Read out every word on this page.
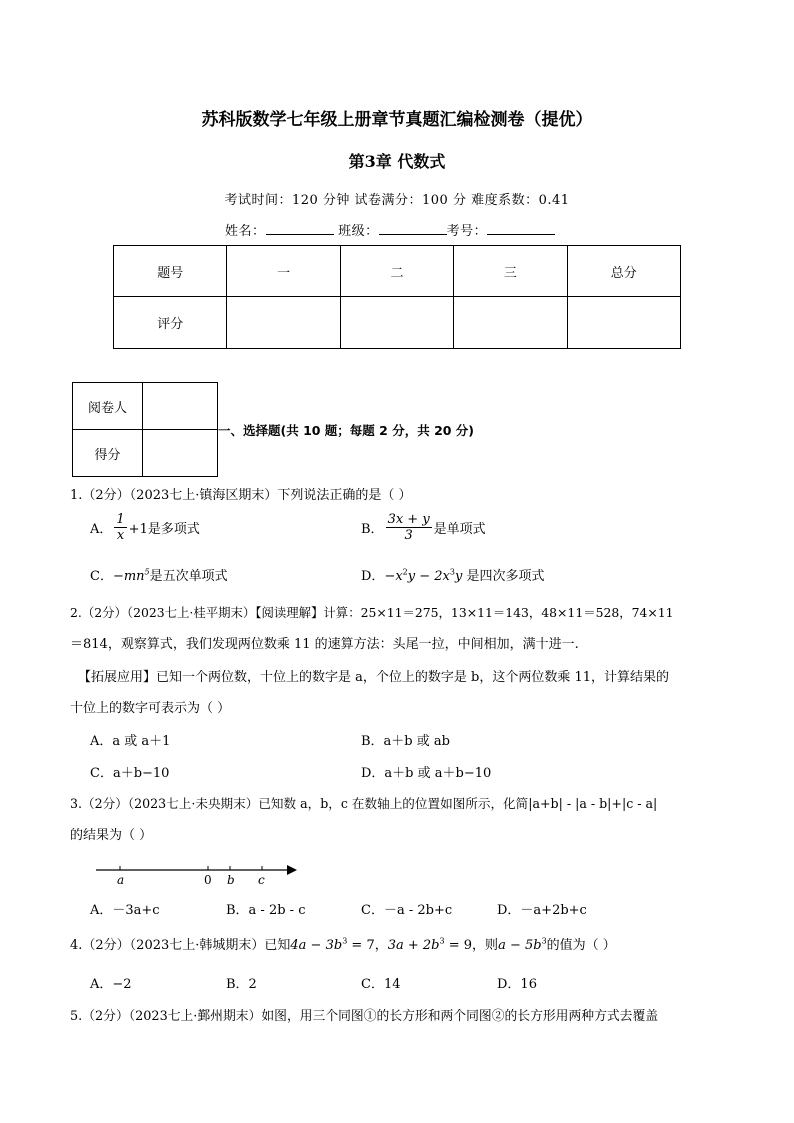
苏科版数学七年级上册章节真题汇编检测卷（提优）
第3章 代数式
考试时间：120 分钟 试卷满分：100 分 难度系数：0.41
姓名：	班级：	考号：
题号	一	二	三	总分
评分				
阅卷人	
得分	
一、选择题(共 10 题；每题 2 分，共 20 分)
1.（2分）（2023七上·镇海区期末）下列说法正确的是（ ）
A． $\frac{1}{x} +1$是多项式	B． $\frac{3x + y}{3}$ 是单项式
C．$-mn^5$是五次单项式	D．$-x^2y - 2x^3y$ 是四次多项式
2.（2分）（2023七上·桂平期末）【阅读理解】计算：25×11＝275，13×11＝143，48×11＝528，74×11
＝814，观察算式，我们发现两位数乘 11 的速算方法：头尾一拉，中间相加，满十进一.
【拓展应用】已知一个两位数，十位上的数字是 a，个位上的数字是 b，这个两位数乘 11，计算结果的
十位上的数字可表示为（ ）
A．a 或 a＋1	B．a＋b 或 ab
C．a＋b−10	D．a＋b 或 a＋b−10
3.（2分）（2023七上·未央期末）已知数 a，b，c 在数轴上的位置如图所示，化简|a+b| - |a - b|+|c - a|
的结果为（ ）
a	0 b c
A．－3a+c	B．a - 2b - c	C．－a - 2b+c	D．－a+2b+c
4.（2分）（2023七上·韩城期末）已知$4a - 3b^3 = 7$，$3a + 2b^3 = 9$，则$a - 5b^3$的值为（ ）
A．−2	B．2	C．14	D．16
5.（2分）（2023七上·鄞州期末）如图，用三个同图①的长方形和两个同图②的长方形用两种方式去覆盖
